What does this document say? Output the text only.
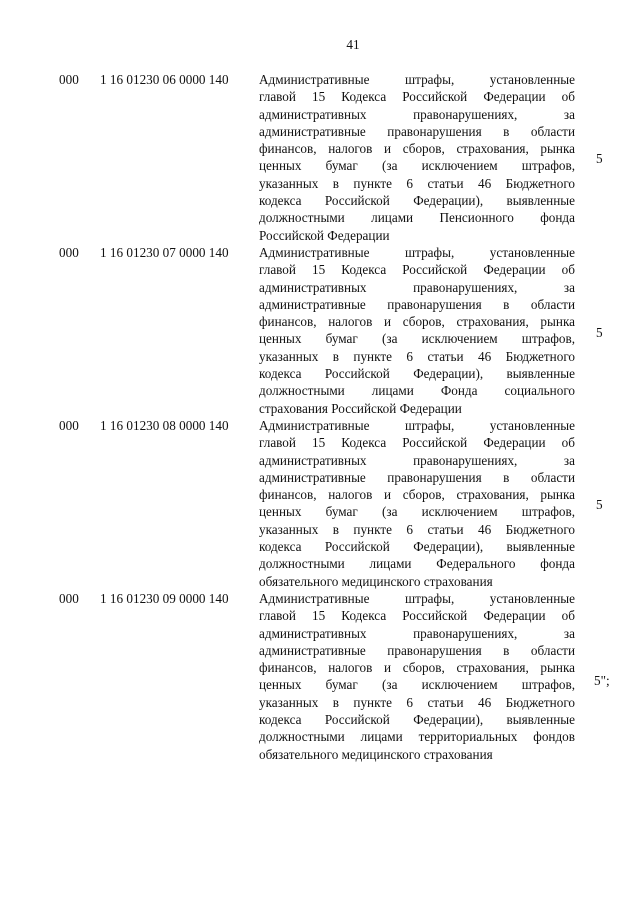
41
000 1 16 01230 06 0000 140 Административные штрафы, установленные
главой 15 Кодекса Российской Федерации об
административных правонарушениях, за
административные правонарушения в области
финансов, налогов и сборов, страхования, рынка
ценных бумаг (за исключением штрафов,
указанных в пункте 6 статьи 46 Бюджетного
кодекса Российской Федерации), выявленные
должностными лицами Пенсионного фонда
Российской Федерации
5
000 1 16 01230 07 0000 140 Административные штрафы, установленные
главой 15 Кодекса Российской Федерации об
административных правонарушениях, за
административные правонарушения в области
финансов, налогов и сборов, страхования, рынка
ценных бумаг (за исключением штрафов,
указанных в пункте 6 статьи 46 Бюджетного
кодекса Российской Федерации), выявленные
должностными лицами Фонда социального
страхования Российской Федерации
5
000 1 16 01230 08 0000 140 Административные штрафы, установленные
главой 15 Кодекса Российской Федерации об
административных правонарушениях, за
административные правонарушения в области
финансов, налогов и сборов, страхования, рынка
ценных бумаг (за исключением штрафов,
указанных в пункте 6 статьи 46 Бюджетного
кодекса Российской Федерации), выявленные
должностными лицами Федерального фонда
обязательного медицинского страхования
5
000 1 16 01230 09 0000 140 Административные штрафы, установленные
главой 15 Кодекса Российской Федерации об
административных правонарушениях, за
административные правонарушения в области
финансов, налогов и сборов, страхования, рынка
ценных бумаг (за исключением штрафов,
указанных в пункте 6 статьи 46 Бюджетного
кодекса Российской Федерации), выявленные
должностными лицами территориальных фондов
обязательного медицинского страхования
5";
